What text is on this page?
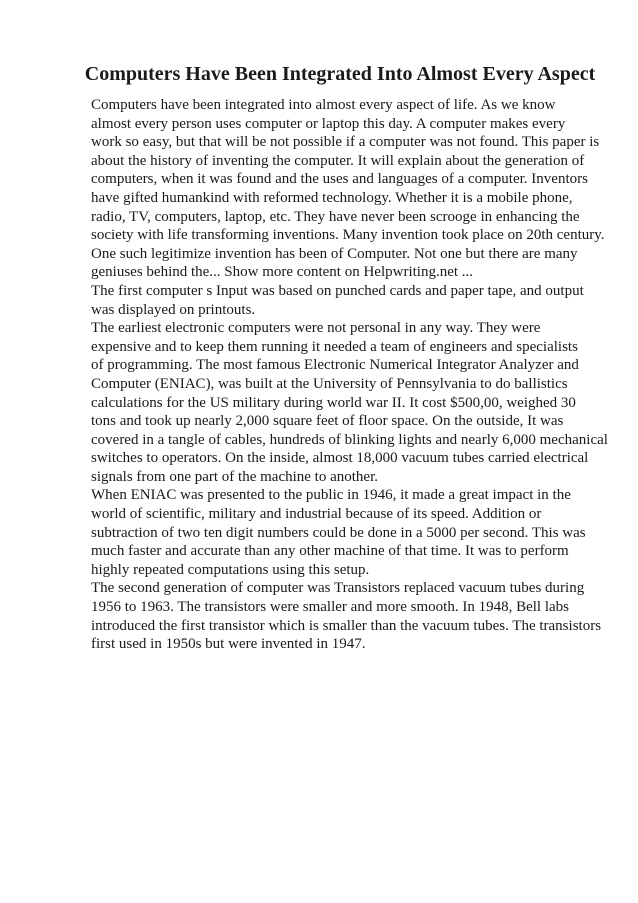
Computers Have Been Integrated Into Almost Every Aspect

Computers have been integrated into almost every aspect of life. As we know

almost every person uses computer or laptop this day. A computer makes every

work so easy, but that will be not possible if a computer was not found. This paper is

about the history of inventing the computer. It will explain about the generation of

computers, when it was found and the uses and languages of a computer. Inventors

have gifted humankind with reformed technology. Whether it is a mobile phone,

radio, TV, computers, laptop, etc. They have never been scrooge in enhancing the

society with life transforming inventions. Many invention took place on 20th century.

One such legitimize invention has been of Computer. Not one but there are many

geniuses behind the... Show more content on Helpwriting.net ...

The first computer s Input was based on punched cards and paper tape, and output

was displayed on printouts.

The earliest electronic computers were not personal in any way. They were

expensive and to keep them running it needed a team of engineers and specialists

of programming. The most famous Electronic Numerical Integrator Analyzer and

Computer (ENIAC), was built at the University of Pennsylvania to do ballistics

calculations for the US military during world war II. It cost $500,00, weighed 30

tons and took up nearly 2,000 square feet of floor space. On the outside, It was

covered in a tangle of cables, hundreds of blinking lights and nearly 6,000 mechanical

switches to operators. On the inside, almost 18,000 vacuum tubes carried electrical

signals from one part of the machine to another.

When ENIAC was presented to the public in 1946, it made a great impact in the

world of scientific, military and industrial because of its speed. Addition or

subtraction of two ten digit numbers could be done in a 5000 per second. This was

much faster and accurate than any other machine of that time. It was to perform

highly repeated computations using this setup.

The second generation of computer was Transistors replaced vacuum tubes during

1956 to 1963. The transistors were smaller and more smooth. In 1948, Bell labs

introduced the first transistor which is smaller than the vacuum tubes. The transistors

first used in 1950s but were invented in 1947.
